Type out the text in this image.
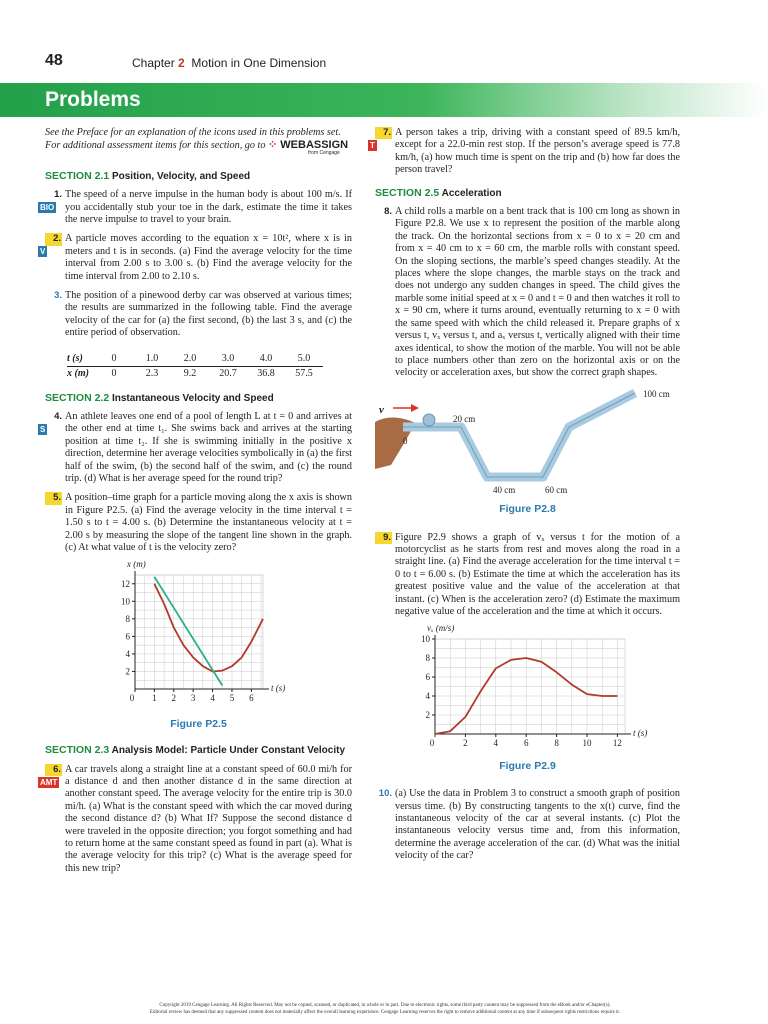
48	Chapter 2 Motion in One Dimension
Problems
See the Preface for an explanation of the icons used in this problems set.
For additional assessment items for this section, go to ⁘ WEBASSIGNfrom Cengage
SECTION 2.1 Position, Velocity, and Speed
1.
BIO
The speed of a nerve impulse in the human body is about 100 m/s. If you accidentally stub your toe in the dark, estimate the time it takes the nerve impulse to travel to your brain.
2.
V
A particle moves according to the equation x = 10t², where x is in meters and t is in seconds. (a) Find the average velocity for the time interval from 2.00 s to 3.00 s. (b) Find the average velocity for the time interval from 2.00 to 2.10 s.
3. The position of a pinewood derby car was observed at various times; the results are summarized in the following table. Find the average velocity of the car for (a) the first second, (b) the last 3 s, and (c) the entire period of observation.
t (s)	0	1.0	2.0	3.0	4.0	5.0
x (m)	0	2.3	9.2	20.7	36.8	57.5
SECTION 2.2 Instantaneous Velocity and Speed
4.
S
An athlete leaves one end of a pool of length L at t = 0 and arrives at the other end at time t₁. She swims back and arrives at the starting position at time t₂. If she is swimming initially in the positive x direction, determine her average velocities symbolically in (a) the first half of the swim, (b) the second half of the swim, and (c) the round trip. (d) What is her average speed for the round trip?
5. A position–time graph for a particle moving along the x axis is shown in Figure P2.5. (a) Find the average velocity in the time interval t = 1.50 s to t = 4.00 s. (b) Determine the instantaneous velocity at t = 2.00 s by measuring the slope of the tangent line shown in the graph. (c) At what value of t is the velocity zero?
2
4
6
8
10
12
0 1 2 3 4 5 6
x (m)
t (s)
Figure P2.5
SECTION 2.3 Analysis Model: Particle Under Constant Velocity
6.
AMT
A car travels along a straight line at a constant speed of 60.0 mi/h for a distance d and then another distance d in the same direction at another constant speed. The average velocity for the entire trip is 30.0 mi/h. (a) What is the constant speed with which the car moved during the second distance d? (b) What If? Suppose the second distance d were traveled in the opposite direction; you forgot something and had to return home at the same constant speed as found in part (a). What is the average velocity for this trip? (c) What is the average speed for this new trip?
7.
T
A person takes a trip, driving with a constant speed of 89.5 km/h, except for a 22.0-min rest stop. If the person’s average speed is 77.8 km/h, (a) how much time is spent on the trip and (b) how far does the person travel?
SECTION 2.5 Acceleration
8. A child rolls a marble on a bent track that is 100 cm long as shown in Figure P2.8. We use x to represent the position of the marble along the track. On the horizontal sections from x = 0 to x = 20 cm and from x = 40 cm to x = 60 cm, the marble rolls with constant speed. On the sloping sections, the marble’s speed changes steadily. At the places where the slope changes, the marble stays on the track and does not undergo any sudden changes in speed. The child gives the marble some initial speed at x = 0 and t = 0 and then watches it roll to x = 90 cm, where it turns around, eventually returning to x = 0 with the same speed with which the child released it. Prepare graphs of x versus t, vₓ versus t, and aₓ versus t, vertically aligned with their time axes identical, to show the motion of the marble. You will not be able to place numbers other than zero on the horizontal axis or on the velocity or acceleration axes, but show the correct graph shapes.
v
0
20 cm
40 cm	60 cm
100 cm
Figure P2.8
9. Figure P2.9 shows a graph of vₓ versus t for the motion of a motorcyclist as he starts from rest and moves along the road in a straight line. (a) Find the average acceleration for the time interval t = 0 to t = 6.00 s. (b) Estimate the time at which the acceleration has its greatest positive value and the value of the acceleration at that instant. (c) When is the acceleration zero? (d) Estimate the maximum negative value of the acceleration and the time at which it occurs.
2
4
6
8
10
0	2	4	6	8	10 12
vₓ (m/s)
t (s)
Figure P2.9
10. (a) Use the data in Problem 3 to construct a smooth graph of position versus time. (b) By constructing tangents to the x(t) curve, find the instantaneous velocity of the car at several instants. (c) Plot the instantaneous velocity versus time and, from this information, determine the average acceleration of the car. (d) What was the initial velocity of the car?
Copyright 2019 Cengage Learning. All Rights Reserved. May not be copied, scanned, or duplicated, in whole or in part. Due to electronic rights, some third party content may be suppressed from the eBook and/or eChapter(s).
Editorial review has deemed that any suppressed content does not materially affect the overall learning experience. Cengage Learning reserves the right to remove additional content at any time if subsequent rights restrictions require it.
